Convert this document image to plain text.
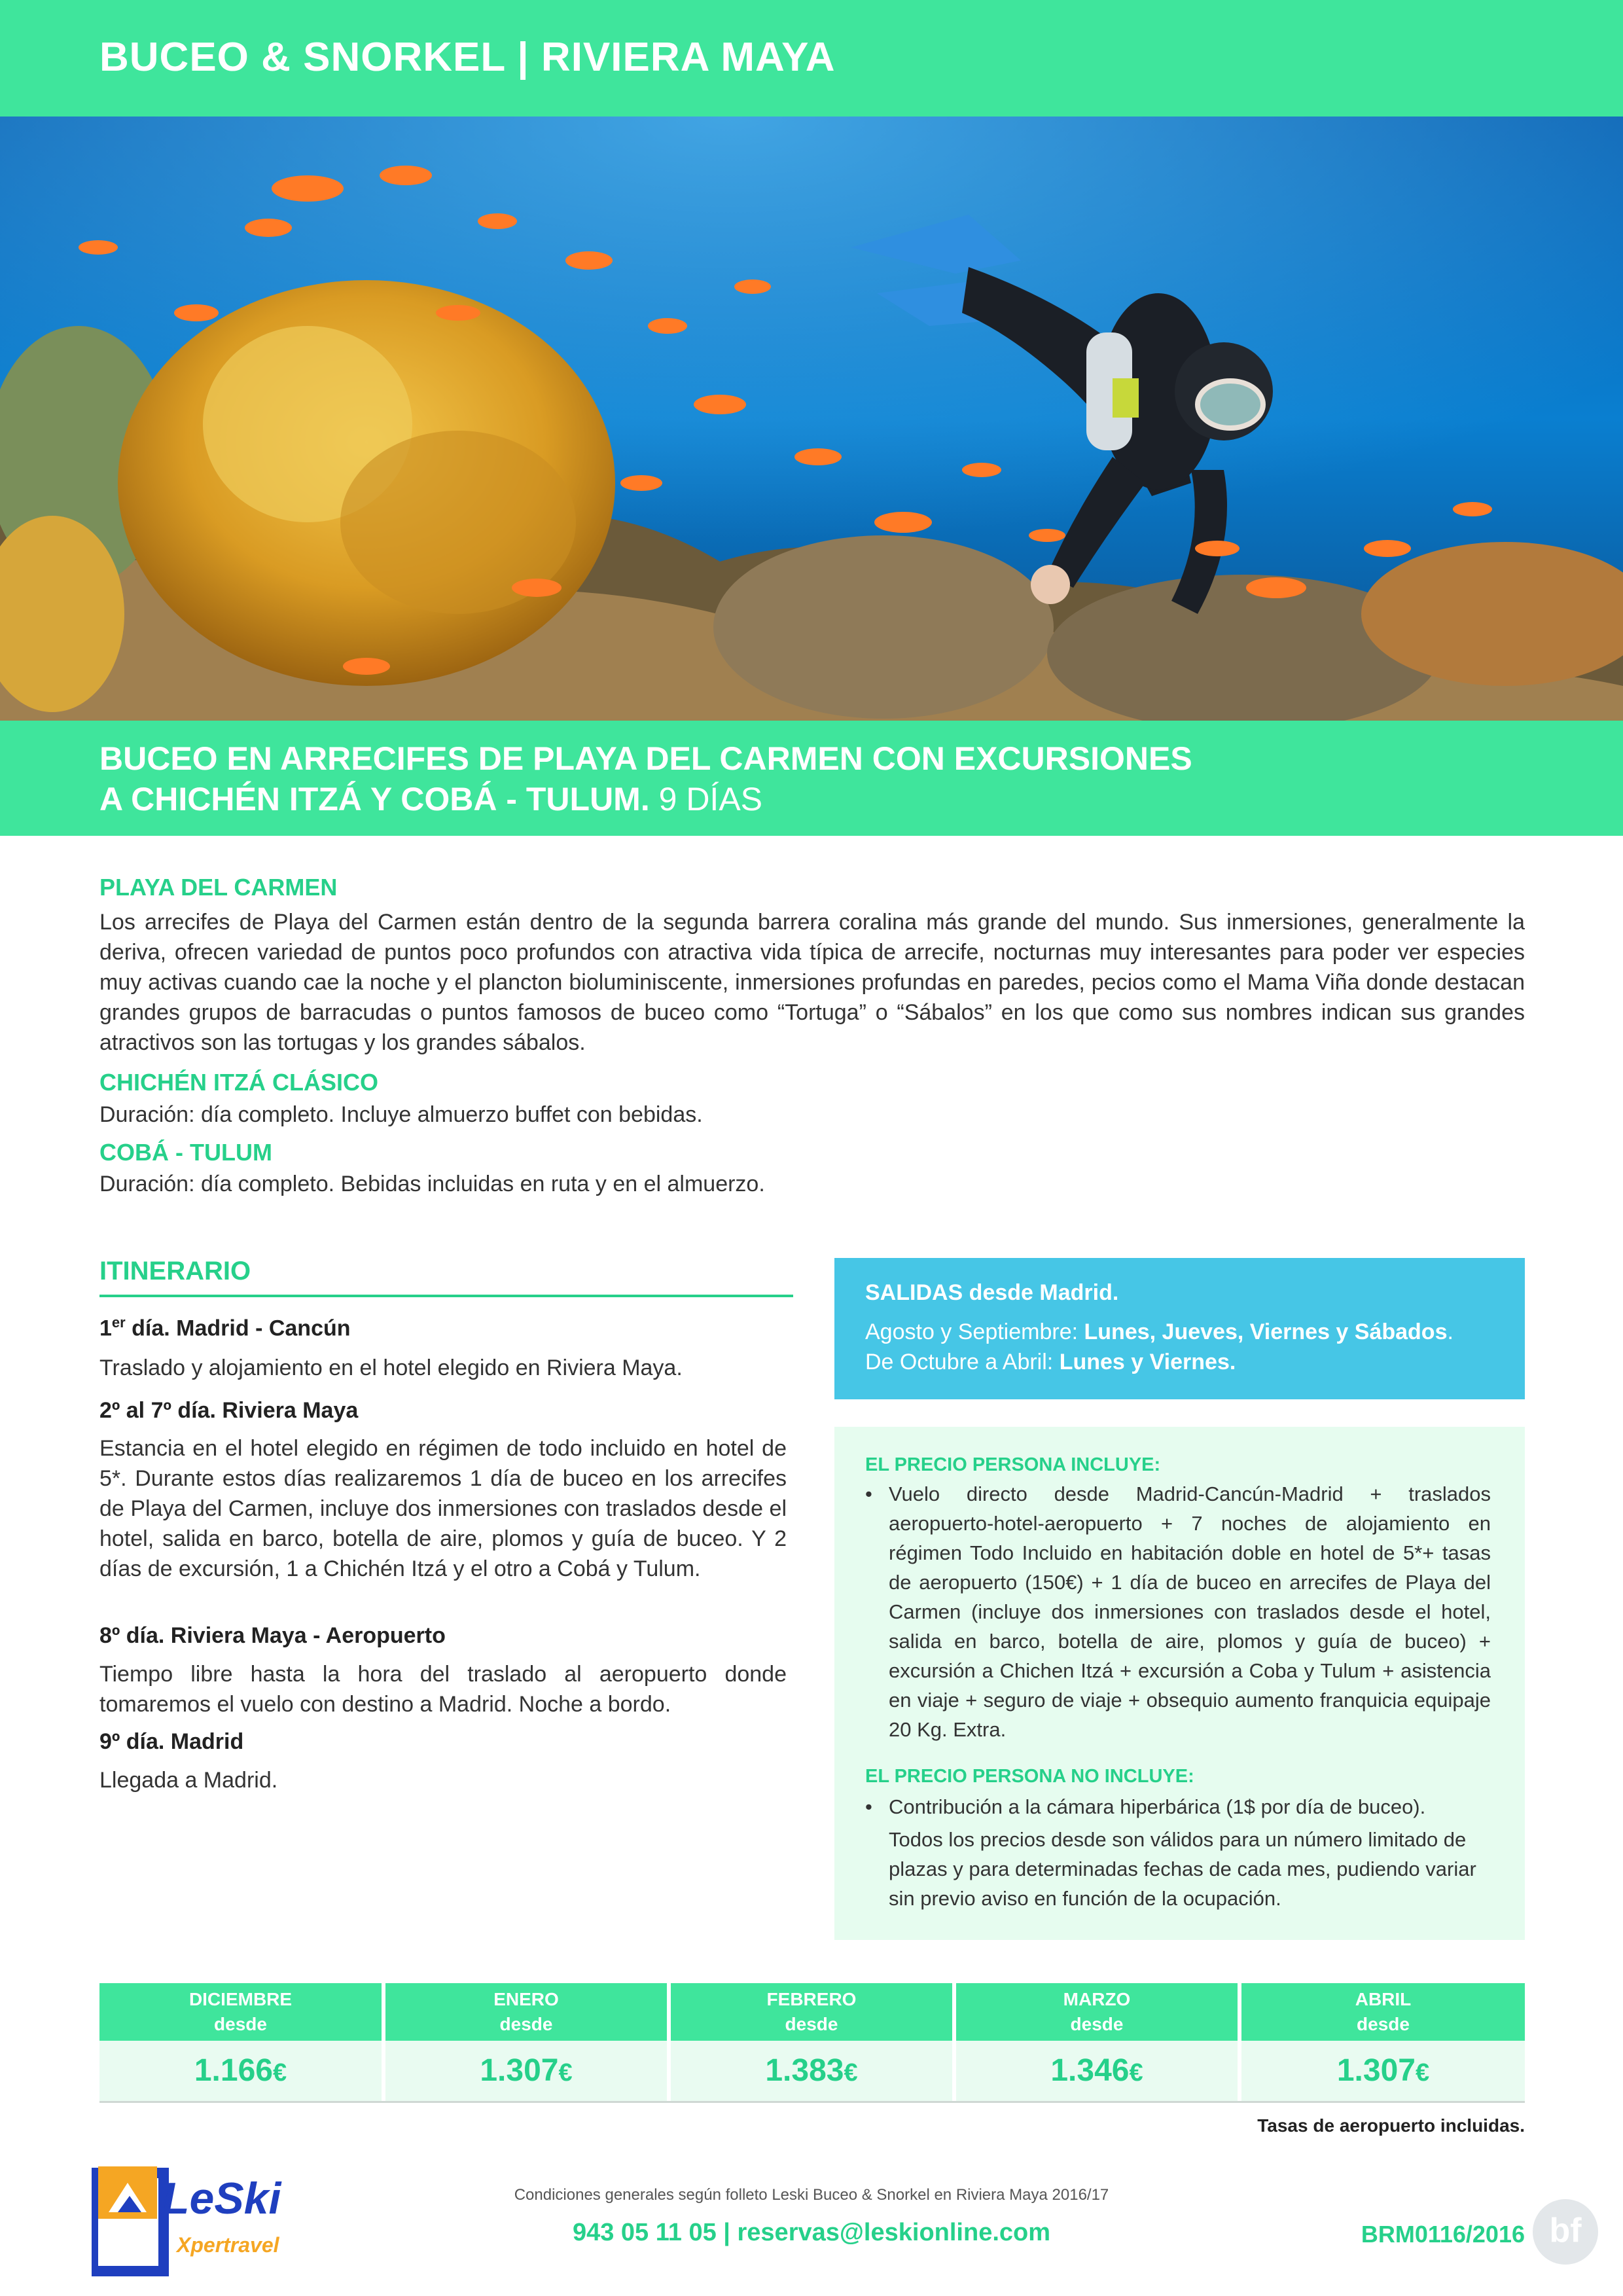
BUCEO & SNORKEL | RIVIERA MAYA
BUCEO EN ARRECIFES DE PLAYA DEL CARMEN CON EXCURSIONES
A CHICHÉN ITZÁ Y COBÁ - TULUM. 9 DÍAS
PLAYA DEL CARMEN
Los arrecifes de Playa del Carmen están dentro de la segunda barrera coralina más grande del mundo. Sus inmersiones, generalmente la deriva, ofrecen variedad de puntos poco profundos con atractiva vida típica de arrecife, nocturnas muy interesantes para poder ver especies muy activas cuando cae la noche y el plancton bioluminiscente, inmersiones profundas en paredes, pecios como el Mama Viña donde destacan grandes grupos de barracudas o puntos famosos de buceo como “Tortuga” o “Sábalos” en los que como sus nombres indican sus grandes atractivos son las tortugas y los grandes sábalos.
CHICHÉN ITZÁ CLÁSICO
Duración: día completo. Incluye almuerzo buffet con bebidas.
COBÁ - TULUM
Duración: día completo. Bebidas incluidas en ruta y en el almuerzo.
ITINERARIO
1er día. Madrid - Cancún
Traslado y alojamiento en el hotel elegido en Riviera Maya.
2º al 7º día. Riviera Maya
Estancia en el hotel elegido en régimen de todo incluido en hotel de 5*. Durante estos días realizaremos 1 día de buceo en los arrecifes de Playa del Carmen, incluye dos inmersiones con traslados desde el hotel, salida en barco, botella de aire, plomos y guía de buceo. Y 2 días de excursión, 1 a Chichén Itzá y el otro a Cobá y Tulum.
8º día. Riviera Maya - Aeropuerto
Tiempo libre hasta la hora del traslado al aeropuerto donde tomaremos el vuelo con destino a Madrid. Noche a bordo.
9º día. Madrid
Llegada a Madrid.
SALIDAS desde Madrid.
Agosto y Septiembre: Lunes, Jueves, Viernes y Sábados.
De Octubre a Abril: Lunes y Viernes.
EL PRECIO PERSONA INCLUYE:
• Vuelo directo desde Madrid-Cancún-Madrid + traslados aeropuerto-hotel-aeropuerto + 7 noches de alojamiento en régimen Todo Incluido en habitación doble en hotel de 5*+ tasas de aeropuerto (150€) + 1 día de buceo en arrecifes de Playa del Carmen (incluye dos inmersiones con traslados desde el hotel, salida en barco, botella de aire, plomos y guía de buceo) + excursión a Chichen Itzá + excursión a Coba y Tulum + asistencia en viaje + seguro de viaje + obsequio aumento franquicia equipaje 20 Kg. Extra.
EL PRECIO PERSONA NO INCLUYE:
• Contribución a la cámara hiperbárica (1$ por día de buceo).
Todos los precios desde son válidos para un número limitado de plazas y para determinadas fechas de cada mes, pudiendo variar sin previo aviso en función de la ocupación.
DICIEMBRE
desde
1.166€
ENERO
desde
1.307€
FEBRERO
desde
1.383€
MARZO
desde
1.346€
ABRIL
desde
1.307€
Tasas de aeropuerto incluidas.
LeSki
Xpertravel
Condiciones generales según folleto Leski Buceo & Snorkel en Riviera Maya 2016/17
943 05 11 05 | reservas@leskionline.com	BRM0116/2016 bf
